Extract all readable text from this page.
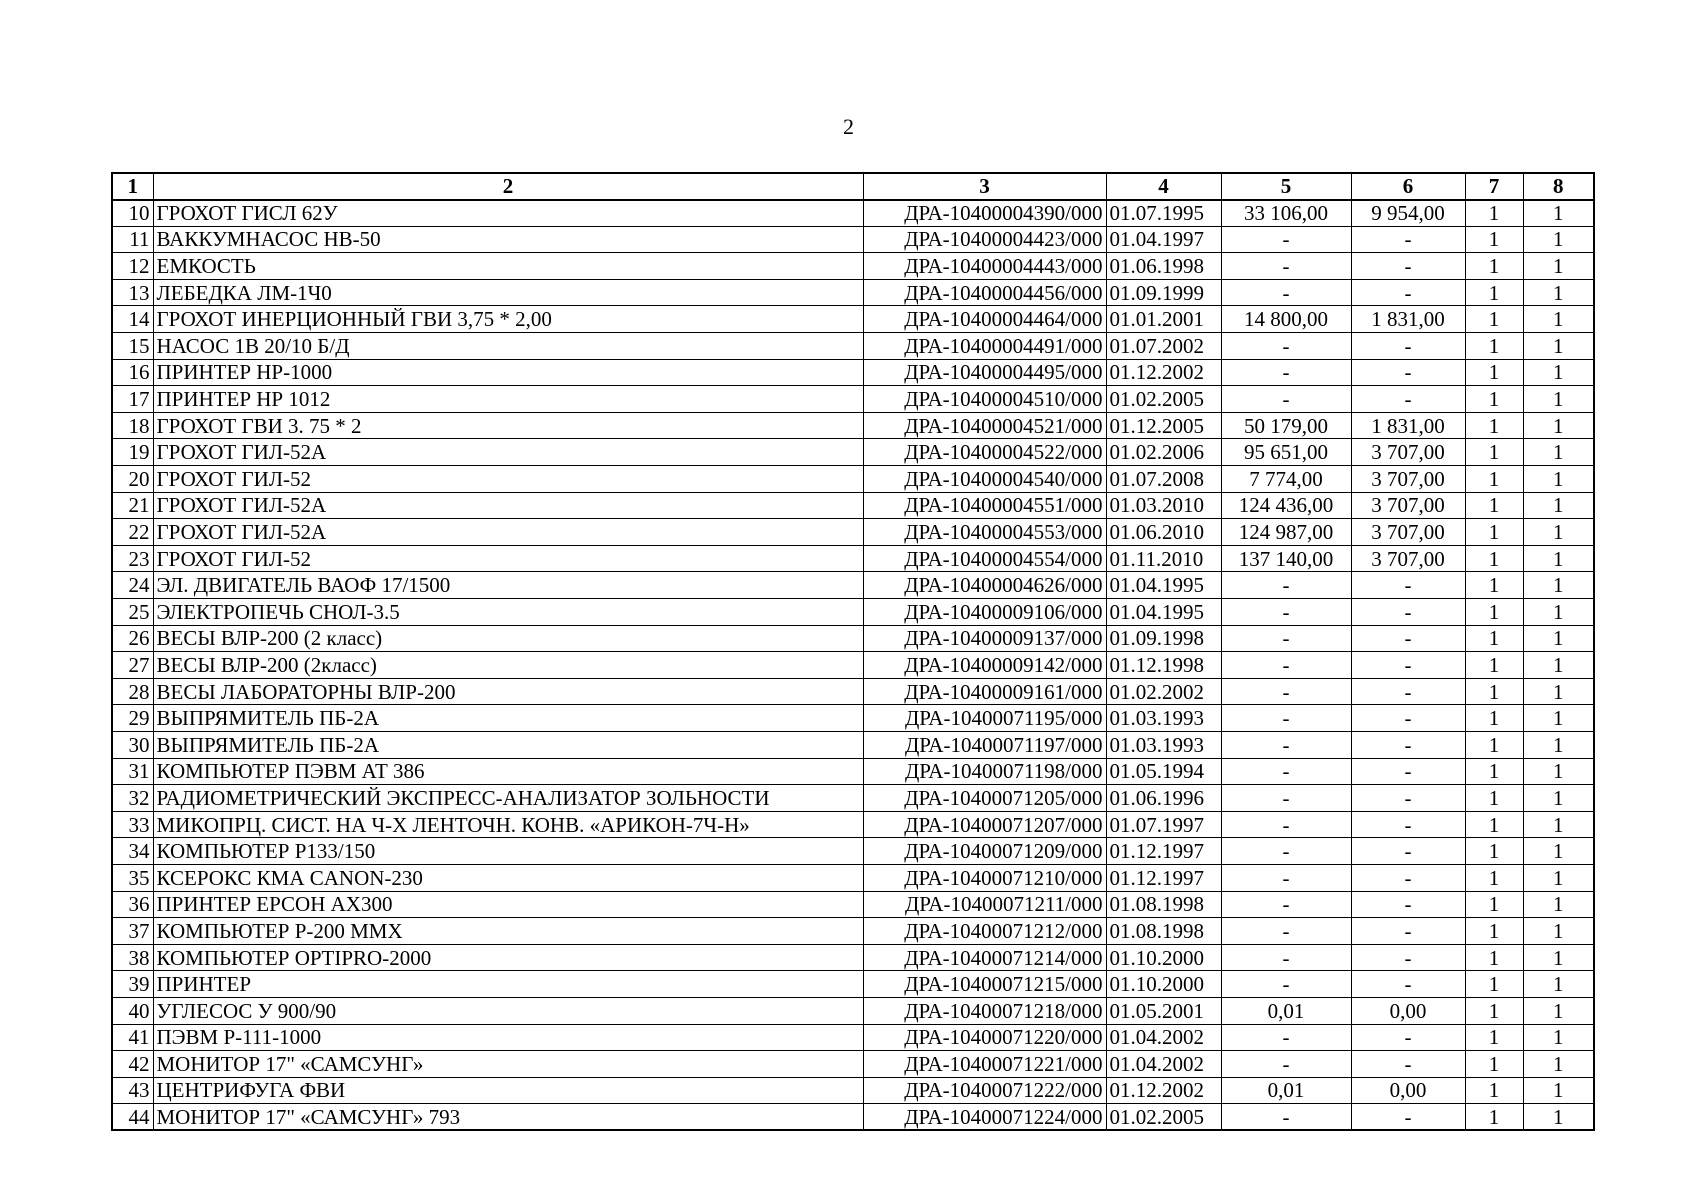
2
1	2	3	4	5	6	7	8
10	ГРОХОТ ГИСЛ 62У	ДРА-10400004390/000	01.07.1995	33 106,00	9 954,00	1	1
11	ВАККУМНАСОС НВ-50	ДРА-10400004423/000	01.04.1997	-	-	1	1
12	ЕМКОСТЬ	ДРА-10400004443/000	01.06.1998	-	-	1	1
13	ЛЕБЕДКА ЛМ-1Ч0	ДРА-10400004456/000	01.09.1999	-	-	1	1
14	ГРОХОТ ИНЕРЦИОННЫЙ ГВИ 3,75 * 2,00	ДРА-10400004464/000	01.01.2001	14 800,00	1 831,00	1	1
15	НАСОС 1В 20/10 Б/Д	ДРА-10400004491/000	01.07.2002	-	-	1	1
16	ПРИНТЕР НР-1000	ДРА-10400004495/000	01.12.2002	-	-	1	1
17	ПРИНТЕР НР 1012	ДРА-10400004510/000	01.02.2005	-	-	1	1
18	ГРОХОТ ГВИ 3. 75 * 2	ДРА-10400004521/000	01.12.2005	50 179,00	1 831,00	1	1
19	ГРОХОТ ГИЛ-52А	ДРА-10400004522/000	01.02.2006	95 651,00	3 707,00	1	1
20	ГРОХОТ ГИЛ-52	ДРА-10400004540/000	01.07.2008	7 774,00	3 707,00	1	1
21	ГРОХОТ ГИЛ-52А	ДРА-10400004551/000	01.03.2010	124 436,00	3 707,00	1	1
22	ГРОХОТ ГИЛ-52А	ДРА-10400004553/000	01.06.2010	124 987,00	3 707,00	1	1
23	ГРОХОТ ГИЛ-52	ДРА-10400004554/000	01.11.2010	137 140,00	3 707,00	1	1
24	ЭЛ. ДВИГАТЕЛЬ ВАОФ 17/1500	ДРА-10400004626/000	01.04.1995	-	-	1	1
25	ЭЛЕКТРОПЕЧЬ СНОЛ-3.5	ДРА-10400009106/000	01.04.1995	-	-	1	1
26	ВЕСЫ ВЛР-200 (2 класс)	ДРА-10400009137/000	01.09.1998	-	-	1	1
27	ВЕСЫ ВЛР-200 (2класс)	ДРА-10400009142/000	01.12.1998	-	-	1	1
28	ВЕСЫ ЛАБОРАТОРНЫ ВЛР-200	ДРА-10400009161/000	01.02.2002	-	-	1	1
29	ВЫПРЯМИТЕЛЬ ПБ-2А	ДРА-10400071195/000	01.03.1993	-	-	1	1
30	ВЫПРЯМИТЕЛЬ ПБ-2А	ДРА-10400071197/000	01.03.1993	-	-	1	1
31	КОМПЬЮТЕР ПЭВМ АТ 386	ДРА-10400071198/000	01.05.1994	-	-	1	1
32	РАДИОМЕТРИЧЕСКИЙ ЭКСПРЕСС-АНАЛИЗАТОР ЗОЛЬНОСТИ	ДРА-10400071205/000	01.06.1996	-	-	1	1
33	МИКОПРЦ. СИСТ. НА Ч-Х ЛЕНТОЧН. КОНВ. «АРИКОН-7Ч-Н»	ДРА-10400071207/000	01.07.1997	-	-	1	1
34	КОМПЬЮТЕР Р133/150	ДРА-10400071209/000	01.12.1997	-	-	1	1
35	КСЕРОКС КМА CANON-230	ДРА-10400071210/000	01.12.1997	-	-	1	1
36	ПРИНТЕР ЕРСОН АХ300	ДРА-10400071211/000	01.08.1998	-	-	1	1
37	КОМПЬЮТЕР Р-200 ММХ	ДРА-10400071212/000	01.08.1998	-	-	1	1
38	КОМПЬЮТЕР OPTIPRO-2000	ДРА-10400071214/000	01.10.2000	-	-	1	1
39	ПРИНТЕР	ДРА-10400071215/000	01.10.2000	-	-	1	1
40	УГЛЕСОС У 900/90	ДРА-10400071218/000	01.05.2001	0,01	0,00	1	1
41	ПЭВМ Р-111-1000	ДРА-10400071220/000	01.04.2002	-	-	1	1
42	МОНИТОР 17" «САМСУНГ»	ДРА-10400071221/000	01.04.2002	-	-	1	1
43	ЦЕНТРИФУГА ФВИ	ДРА-10400071222/000	01.12.2002	0,01	0,00	1	1
44	МОНИТОР 17" «САМСУНГ» 793	ДРА-10400071224/000	01.02.2005	-	-	1	1
